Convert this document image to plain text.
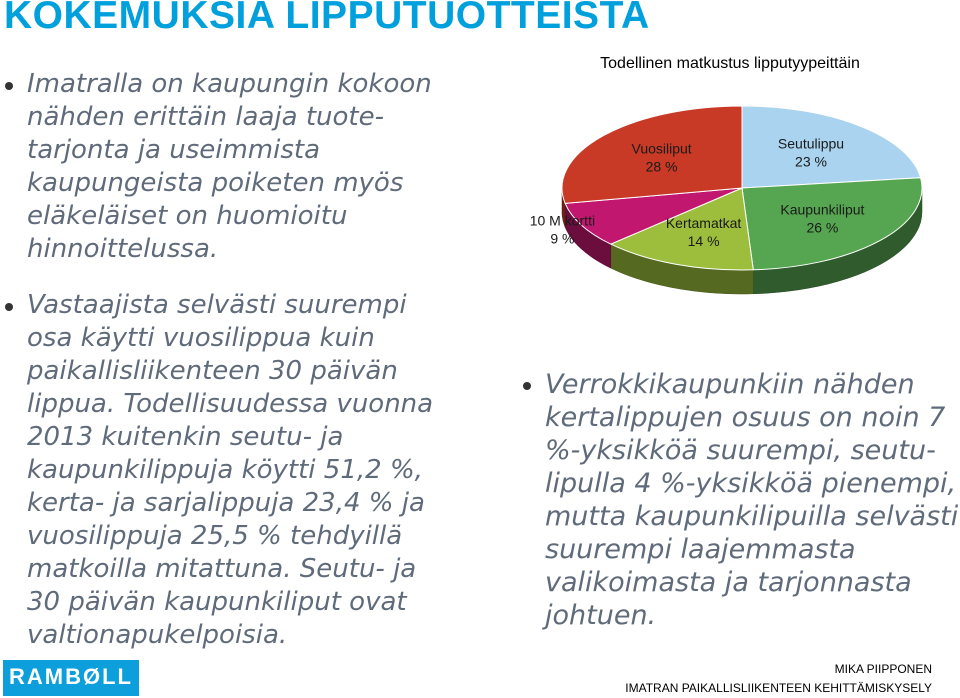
KOKEMUKSIA LIPPUTUOTTEISTA

Imatralla on kaupungin kokoon
nähden erittäin laaja tuote-
tarjonta ja useimmista
kaupungeista poiketen myös
eläkeläiset on huomioitu
hinnoittelussa.

Vastaajista selvästi suurempi
osa käytti vuosilippua kuin
paikallisliikenteen 30 päivän
lippua. Todellisuudessa vuonna
2013 kuitenkin seutu- ja
kaupunkilippuja köytti 51,2 %,
kerta- ja sarjalippuja 23,4 % ja
vuosilippuja 25,5 % tehdyillä
matkoilla mitattuna. Seutu- ja
30 päivän kaupunkiliput ovat
valtionapukelpoisia.

Todellinen matkustus lipputyypeittäin
Seutulippu
23 %
Kaupunkiliput
26 %
Kertamatkat
14 %
10 M kortti
9 %
Vuosiliput
28 %

Verrokkikaupunkiin nähden
kertalippujen osuus on noin 7
%-yksikköä suurempi, seutu-
lipulla 4 %-yksikköä pienempi,
mutta kaupunkilipuilla selvästi
suurempi laajemmasta
valikoimasta ja tarjonnasta
johtuen.

RAMBØLL	MIKA PIIPPONEN
IMATRAN PAIKALLISLIIKENTEEN KEHITTÄMISKYSELY
